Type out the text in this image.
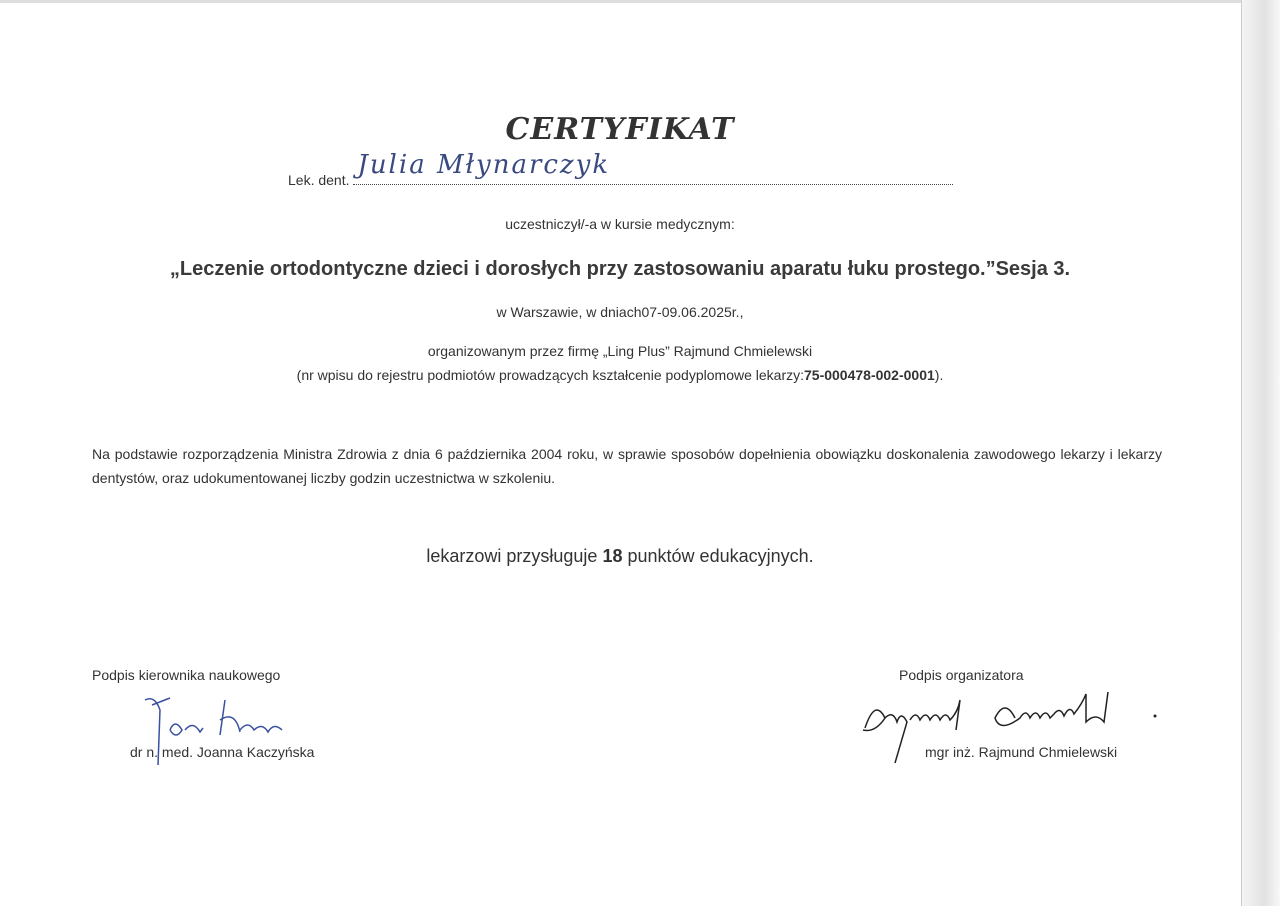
CERTYFIKAT
Lek. dent. Julia Młynarczyk
uczestniczył/-a w kursie medycznym:
„Leczenie ortodontyczne dzieci i dorosłych przy zastosowaniu aparatu łuku prostego.”Sesja 3.
w Warszawie, w dniach07-09.06.2025r.,
organizowanym przez firmę „Ling Plus” Rajmund Chmielewski
(nr wpisu do rejestru podmiotów prowadzących kształcenie podyplomowe lekarzy:75-000478-002-0001).
Na podstawie rozporządzenia Ministra Zdrowia z dnia 6 października 2004 roku, w sprawie sposobów dopełnienia obowiązku doskonalenia zawodowego lekarzy i lekarzy dentystów, oraz udokumentowanej liczby godzin uczestnictwa w szkoleniu.
lekarzowi przysługuje 18 punktów edukacyjnych.
Podpis kierownika naukowego
dr n. med. Joanna Kaczyńska
Podpis organizatora
mgr inż. Rajmund Chmielewski
